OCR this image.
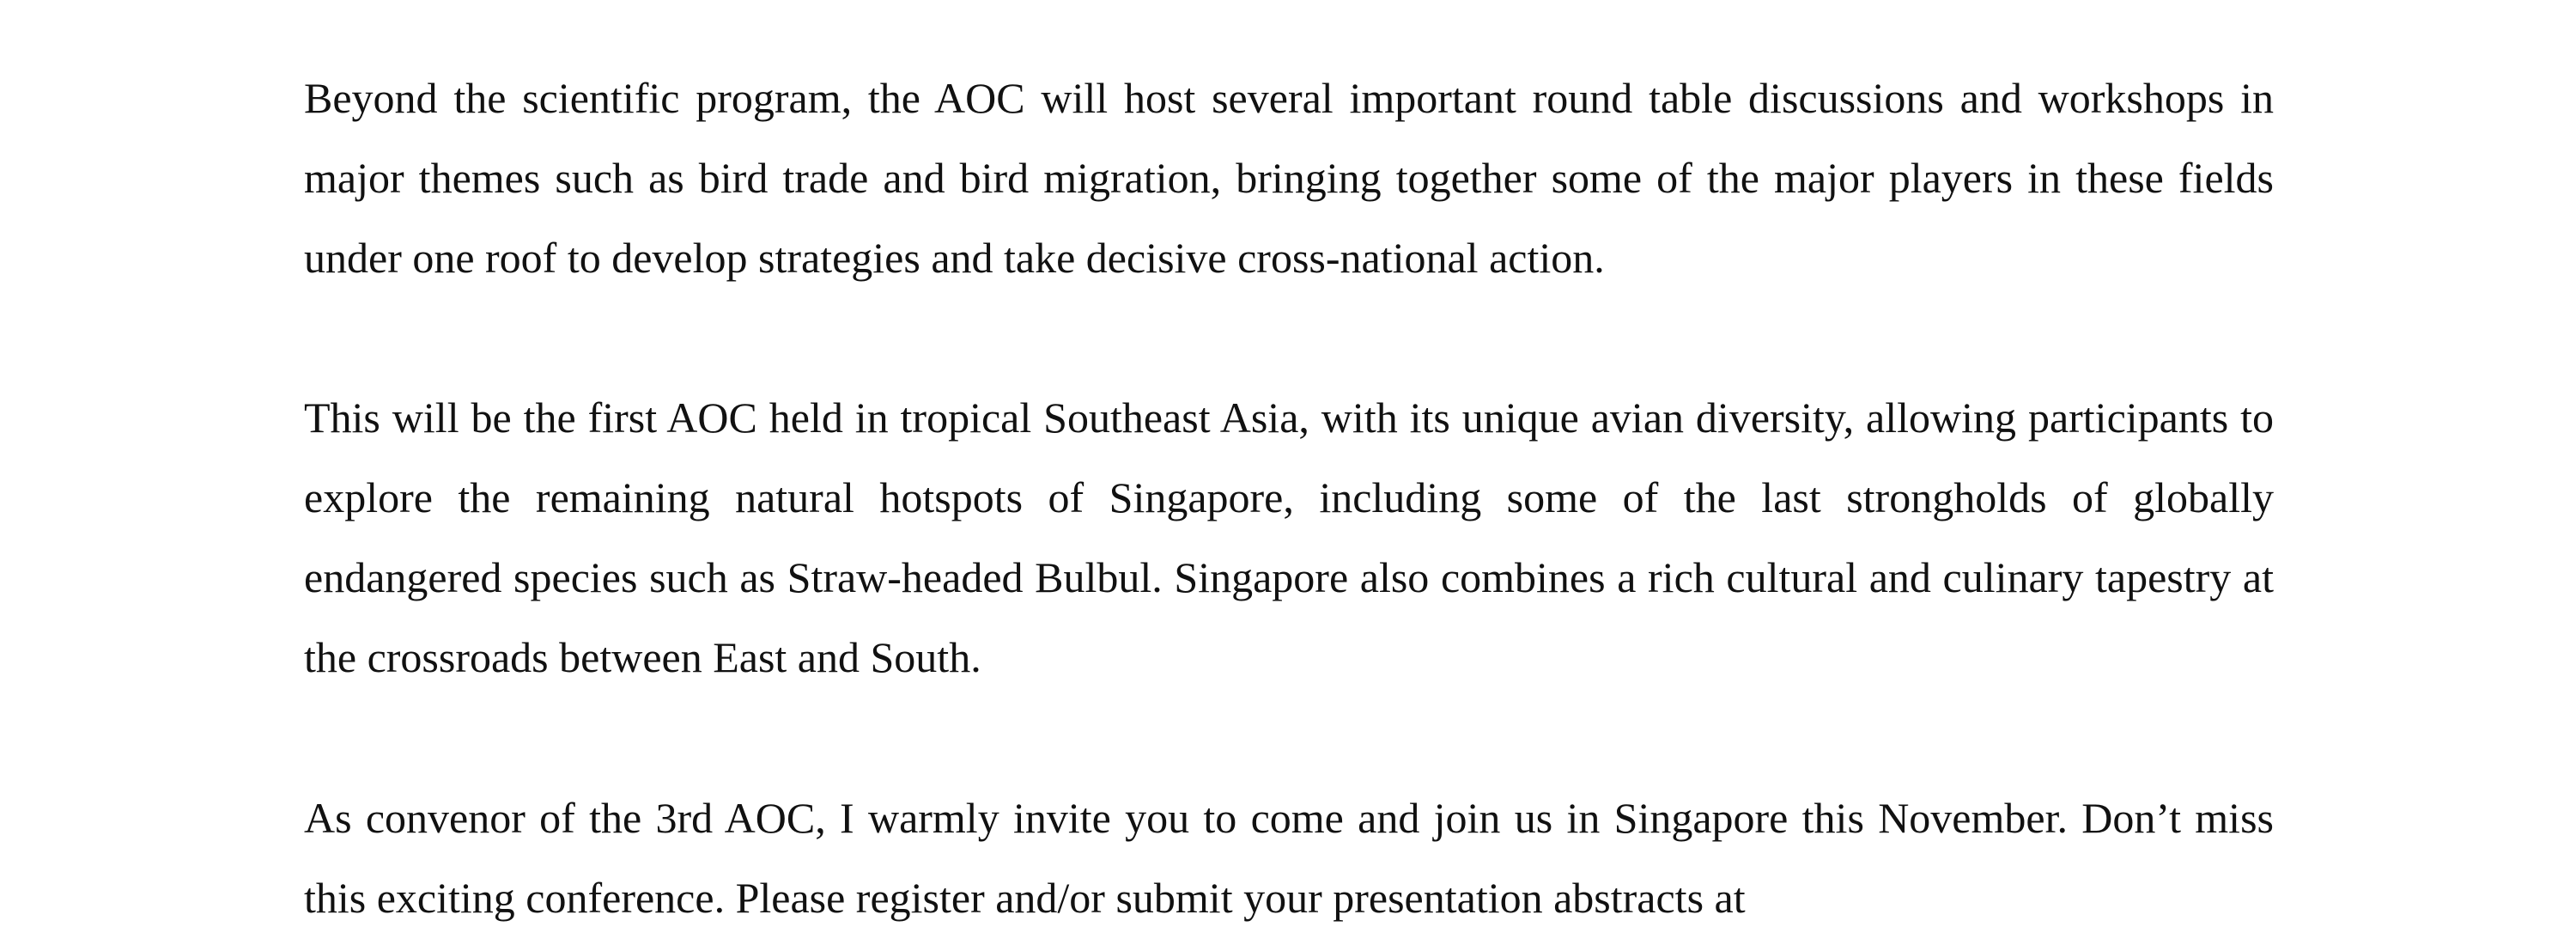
Beyond the scientific program, the AOC will host several important round table discussions and workshops in major themes such as bird trade and bird migration, bringing together some of the major players in these fields under one roof to develop strategies and take decisive cross-national action.

This will be the first AOC held in tropical Southeast Asia, with its unique avian diversity, allowing participants to explore the remaining natural hotspots of Singapore, including some of the last strongholds of globally endangered species such as Straw-headed Bulbul. Singapore also combines a rich cultural and culinary tapestry at the crossroads between East and South.

As convenor of the 3rd AOC, I warmly invite you to come and join us in Singapore this November. Don’t miss this exciting conference. Please register and/or submit your presentation abstracts at
